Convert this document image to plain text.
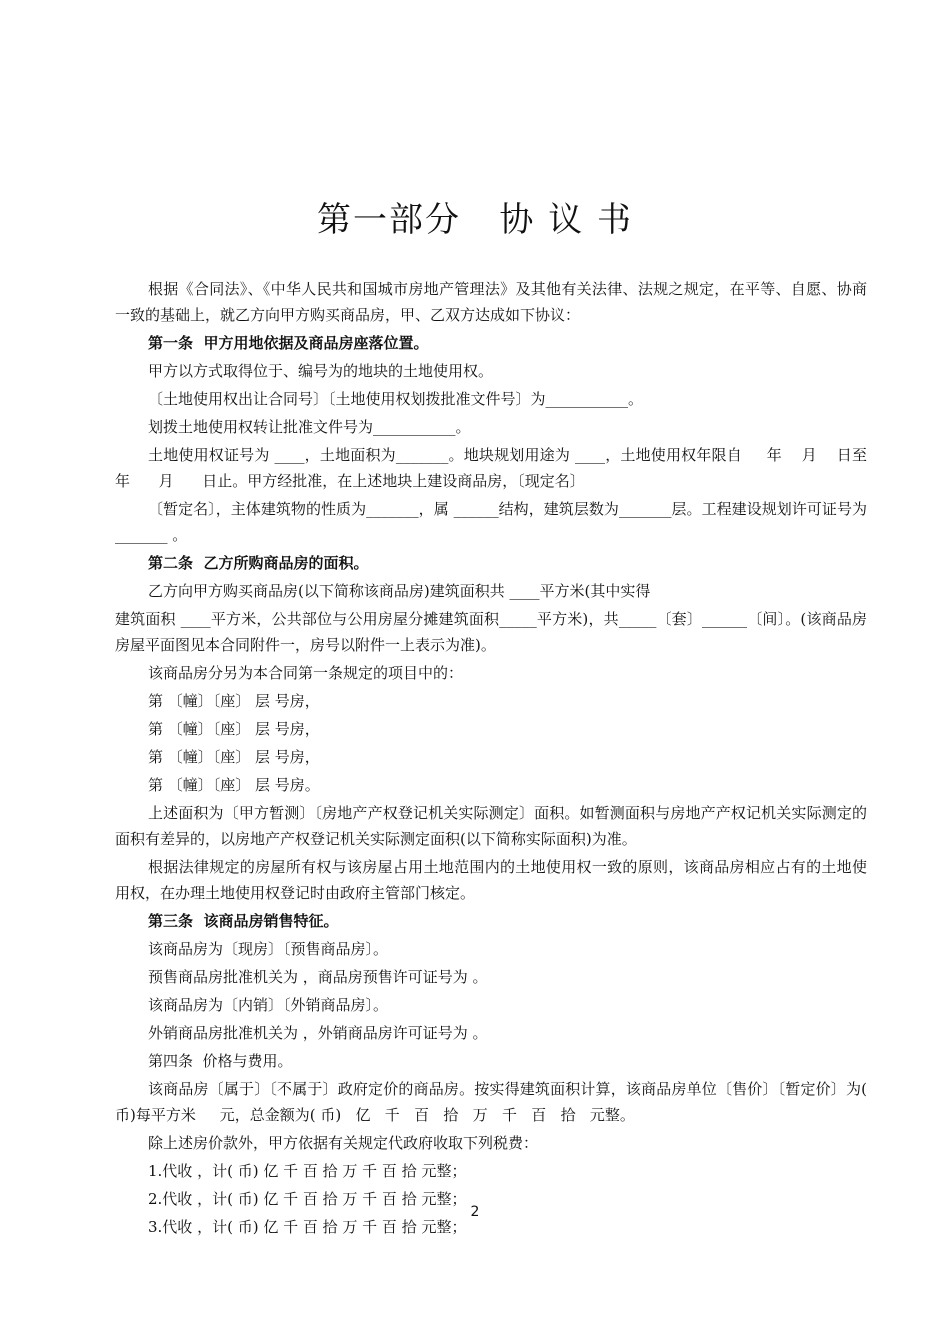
第一部分   协 议 书
根据《合同法》、《中华人民共和国城市房地产管理法》及其他有关法律、法规之规定，在平等、自愿、协商一致的基础上，就乙方向甲方购买商品房，甲、乙双方达成如下协议：
第一条  甲方用地依据及商品房座落位置。
甲方以方式取得位于、编号为的地块的土地使用权。
〔土地使用权出让合同号〕〔土地使用权划拨批准文件号〕为___________。
划拨土地使用权转让批准文件号为___________。
土地使用权证号为 ____，土地面积为_______。地块规划用途为 ____，土地使用权年限自     年    月    日至        年      月      日止。甲方经批准，在上述地块上建设商品房，〔现定名〕
〔暂定名〕，主体建筑物的性质为_______，属 ______结构，建筑层数为_______层。工程建设规划许可证号为_______ 。
第二条  乙方所购商品房的面积。
乙方向甲方购买商品房(以下简称该商品房)建筑面积共 ____平方米(其中实得
建筑面积 ____平方米，公共部位与公用房屋分摊建筑面积_____平方米)，共_____〔套〕______〔间〕。(该商品房房屋平面图见本合同附件一，房号以附件一上表示为准)。
该商品房分另为本合同第一条规定的项目中的：
第 〔幢〕〔座〕 层 号房，
第 〔幢〕〔座〕 层 号房，
第 〔幢〕〔座〕 层 号房，
第 〔幢〕〔座〕 层 号房。
上述面积为〔甲方暂测〕〔房地产产权登记机关实际测定〕面积。如暂测面积与房地产产权记机关实际测定的面积有差异的，以房地产产权登记机关实际测定面积(以下简称实际面积)为准。
根据法律规定的房屋所有权与该房屋占用土地范围内的土地使用权一致的原则，该商品房相应占有的土地使用权，在办理土地使用权登记时由政府主管部门核定。
第三条  该商品房销售特征。
该商品房为〔现房〕〔预售商品房〕。
预售商品房批准机关为 ，商品房预售许可证号为 。
该商品房为〔内销〕〔外销商品房〕。
外销商品房批准机关为 ，外销商品房许可证号为 。
第四条  价格与费用。
该商品房〔属于〕〔不属于〕政府定价的商品房。按实得建筑面积计算，该商品房单位〔售价〕〔暂定价〕为( 币)每平方米     元，总金额为( 币)   亿   千   百   拾   万   千   百   拾   元整。
除上述房价款外，甲方依据有关规定代政府收取下列税费：
1.代收 ，计( 币) 亿 千 百 拾 万 千 百 拾 元整；
2.代收 ，计( 币) 亿 千 百 拾 万 千 百 拾 元整；
3.代收 ，计( 币) 亿 千 百 拾 万 千 百 拾 元整；
2
